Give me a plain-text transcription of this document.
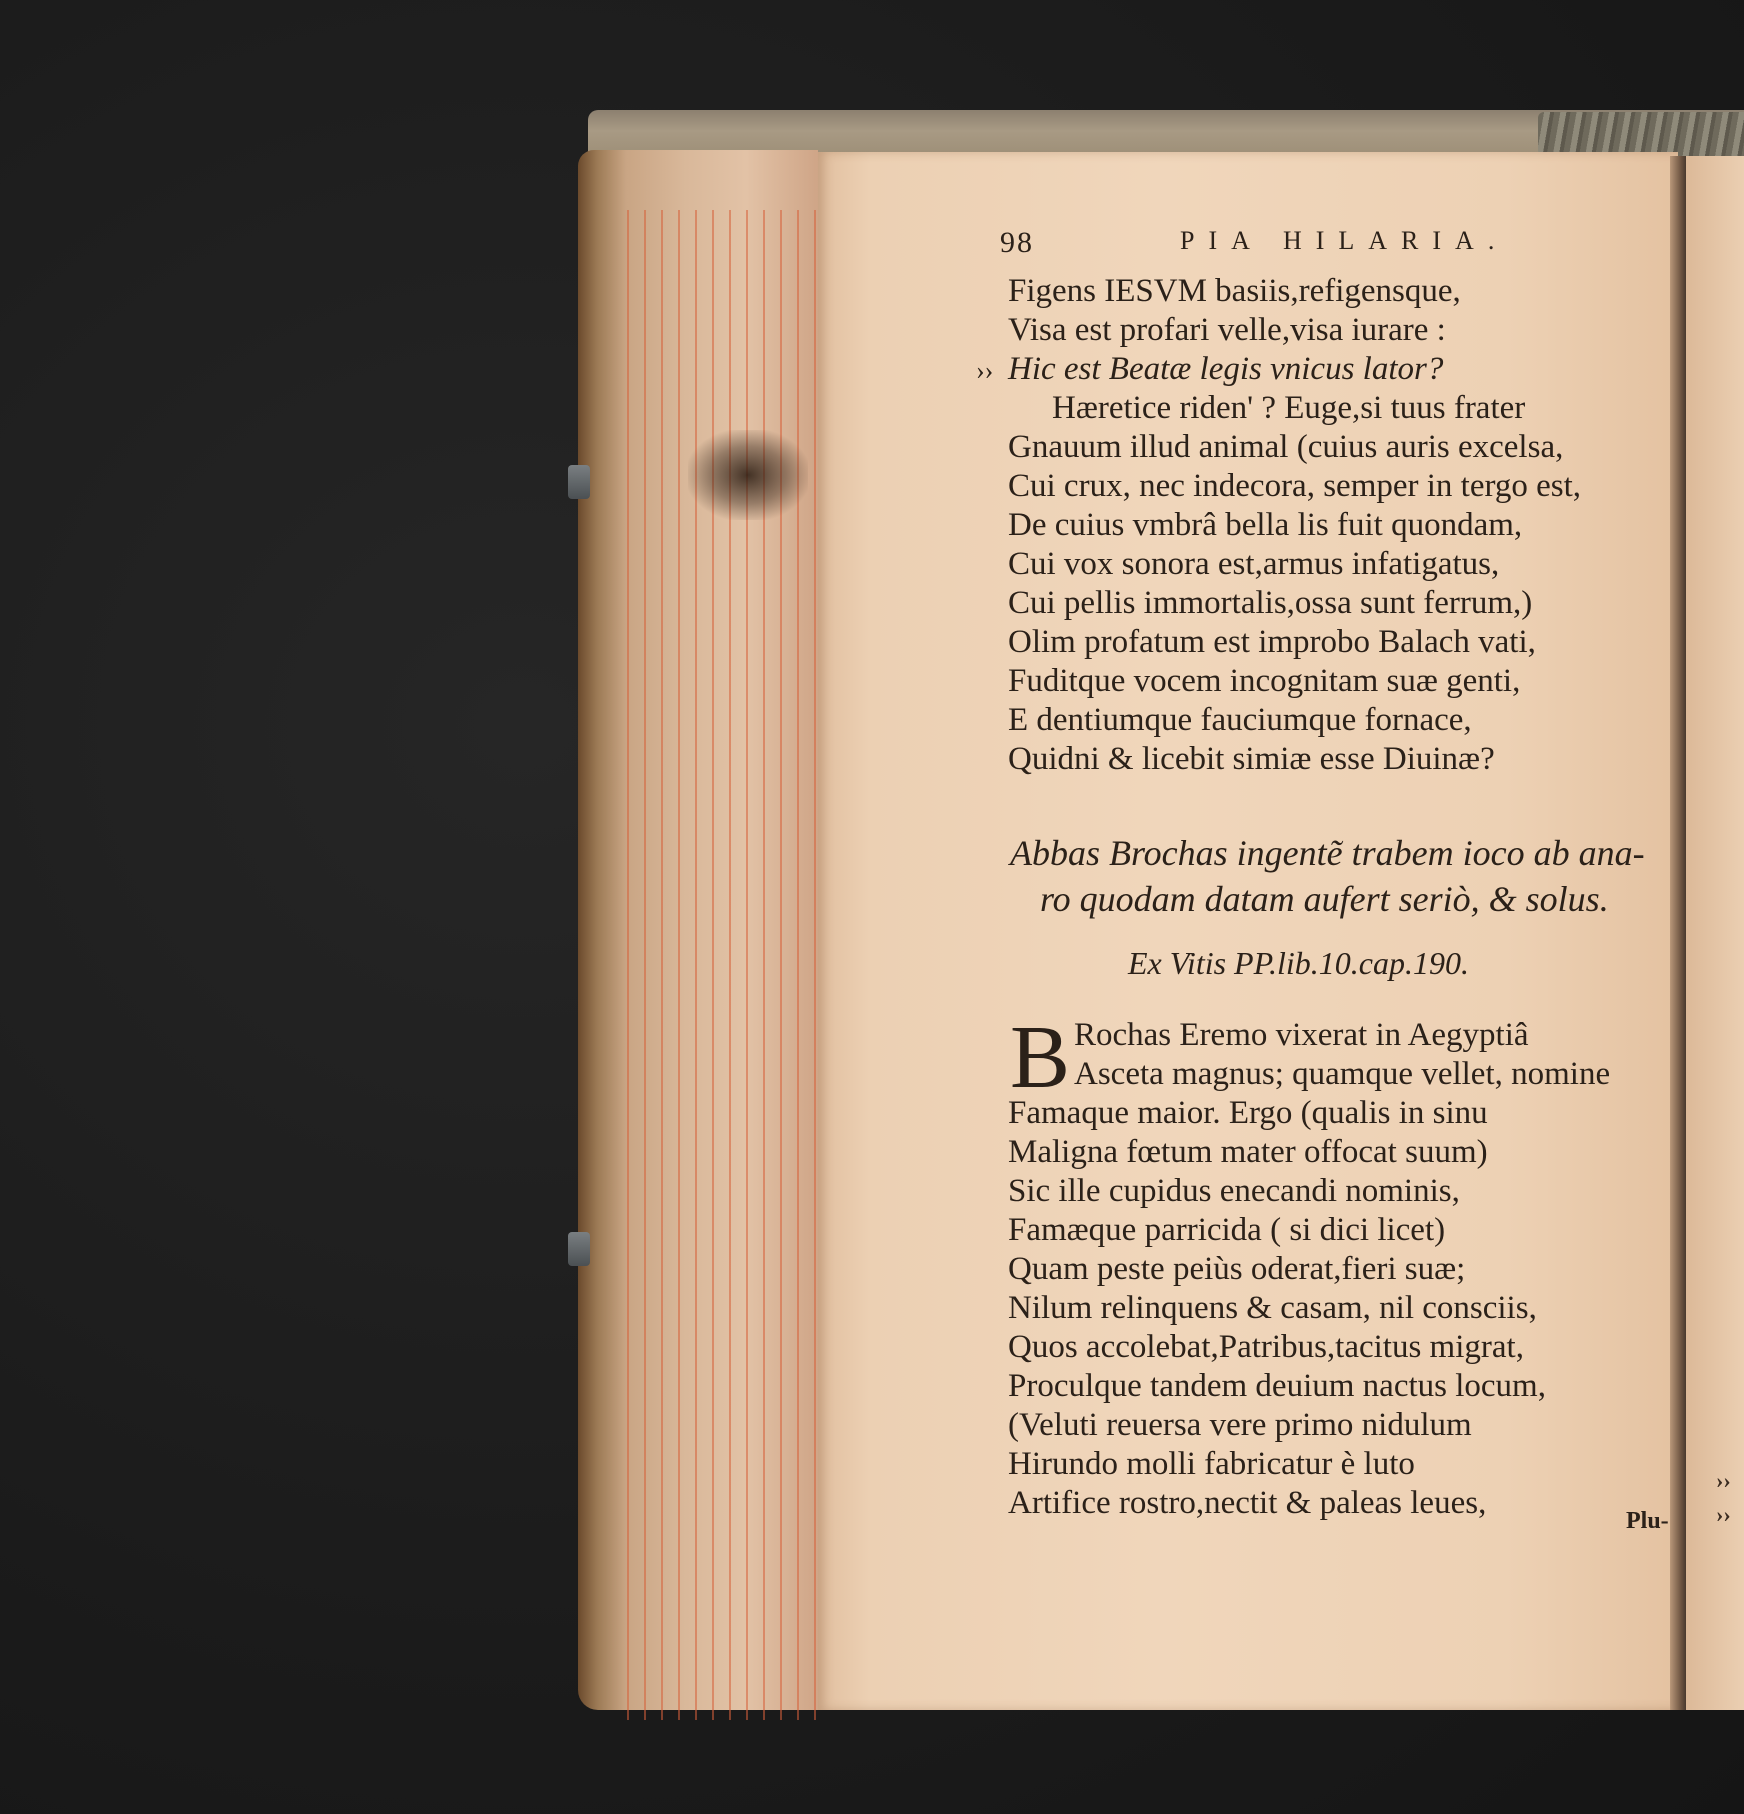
››
››
98	PIA HILARIA.
››
Figens IESVM basiis,refigensque,
Visa est profari velle,visa iurare :
Hic est Beatæ legis vnicus lator?
Hæretice riden' ? Euge,si tuus frater
Gnauum illud animal (cuius auris excelsa,
Cui crux, nec indecora, semper in tergo est,
De cuius vmbrâ bella lis fuit quondam,
Cui vox sonora est,armus infatigatus,
Cui pellis immortalis,ossa sunt ferrum,)
Olim profatum est improbo Balach vati,
Fuditque vocem incognitam suæ genti,
E dentiumque fauciumque fornace,
Quidni & licebit simiæ esse Diuinæ?
Abbas Brochas ingentẽ trabem ioco ab ana-
ro quodam datam aufert seriò, & solus.
Ex Vitis PP.lib.10.cap.190.
B Rochas Eremo vixerat in Aegyptiâ
Asceta magnus; quamque vellet, nomine
Famaque maior. Ergo (qualis in sinu
Maligna fœtum mater offocat suum)
Sic ille cupidus enecandi nominis,
Famæque parricida ( si dici licet)
Quam peste peiùs oderat,fieri suæ;
Nilum relinquens & casam, nil consciis,
Quos accolebat,Patribus,tacitus migrat,
Proculque tandem deuium nactus locum,
(Veluti reuersa vere primo nidulum
Hirundo molli fabricatur è luto
Artifice rostro,nectit & paleas leues,	Plu-
